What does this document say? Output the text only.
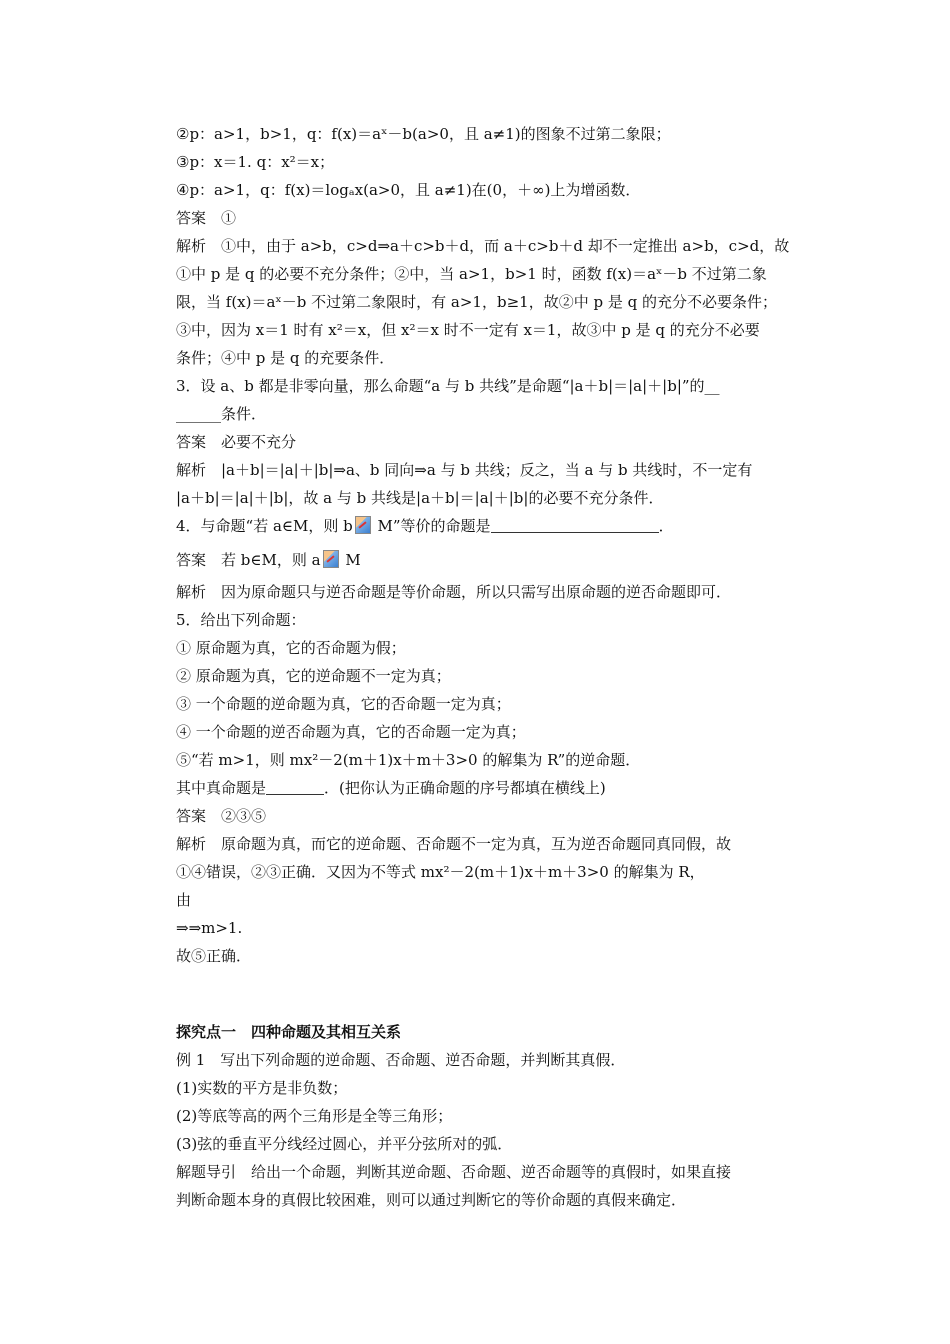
②p：a>1，b>1，q：f(x)＝aˣ－b(a>0，且 a≠1)的图象不过第二象限；
③p：x＝1. q：x²＝x；
④p：a>1，q：f(x)＝logₐx(a>0，且 a≠1)在(0，＋∞)上为增函数．
答案　①
解析　①中，由于 a>b，c>d⇒a＋c>b＋d，而 a＋c>b＋d 却不一定推出 a>b，c>d，故
①中 p 是 q 的必要不充分条件；②中，当 a>1，b>1 时，函数 f(x)＝aˣ－b 不过第二象
限，当 f(x)＝aˣ－b 不过第二象限时，有 a>1，b≥1，故②中 p 是 q 的充分不必要条件；
③中，因为 x＝1 时有 x²＝x，但 x²＝x 时不一定有 x＝1，故③中 p 是 q 的充分不必要
条件；④中 p 是 q 的充要条件．
3．设 a、b 都是非零向量，那么命题“a 与 b 共线”是命题“|a＋b|＝|a|＋|b|”的__
______条件．
答案　必要不充分
解析　|a＋b|＝|a|＋|b|⇒a、b 同向⇒a 与 b 共线；反之，当 a 与 b 共线时，不一定有
|a＋b|＝|a|＋|b|，故 a 与 b 共线是|a＋b|＝|a|＋|b|的必要不充分条件．
4．与命题“若 a∈M，则 b M”等价的命题是	．
答案　若 b∈M，则 a M
解析　因为原命题只与逆否命题是等价命题，所以只需写出原命题的逆否命题即可．
5．给出下列命题：
① 原命题为真，它的否命题为假；
② 原命题为真，它的逆命题不一定为真；
③ 一个命题的逆命题为真，它的否命题一定为真；
④ 一个命题的逆否命题为真，它的否命题一定为真；
⑤“若 m>1，则 mx²－2(m＋1)x＋m＋3>0 的解集为 R”的逆命题．
其中真命题是	．(把你认为正确命题的序号都填在横线上)
答案　②③⑤
解析　原命题为真，而它的逆命题、否命题不一定为真，互为逆否命题同真同假，故
①④错误，②③正确．又因为不等式 mx²－2(m＋1)x＋m＋3>0 的解集为 R，
由
⇒⇒m>1.
故⑤正确．
探究点一　四种命题及其相互关系
例 1　写出下列命题的逆命题、否命题、逆否命题，并判断其真假．
(1)实数的平方是非负数；
(2)等底等高的两个三角形是全等三角形；
(3)弦的垂直平分线经过圆心，并平分弦所对的弧．
解题导引　给出一个命题，判断其逆命题、否命题、逆否命题等的真假时，如果直接
判断命题本身的真假比较困难，则可以通过判断它的等价命题的真假来确定．
